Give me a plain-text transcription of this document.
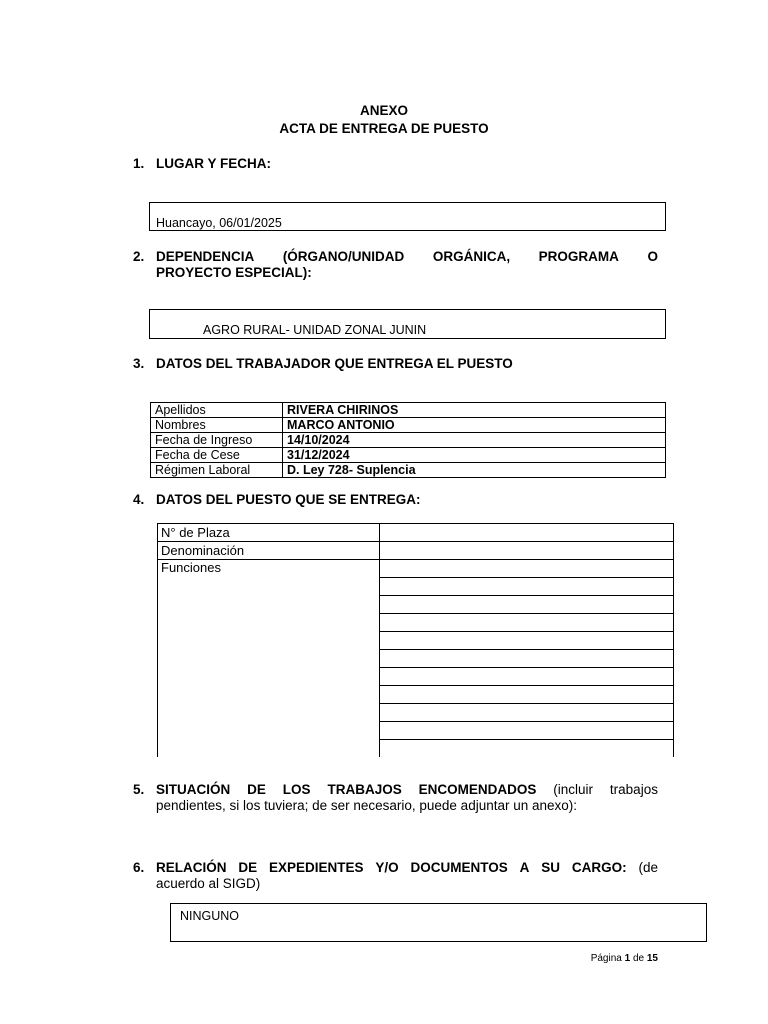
ANEXO
ACTA DE ENTREGA DE PUESTO
1. LUGAR Y FECHA:
Huancayo, 06/01/2025
2. DEPENDENCIA (ÓRGANO/UNIDAD ORGÁNICA, PROGRAMA O
PROYECTO ESPECIAL):
AGRO RURAL- UNIDAD ZONAL JUNIN
3. DATOS DEL TRABAJADOR QUE ENTREGA EL PUESTO
Apellidos	RIVERA CHIRINOS
Nombres	MARCO ANTONIO
Fecha de Ingreso	14/10/2024
Fecha de Cese	31/12/2024
Régimen Laboral	D. Ley 728- Suplencia
4. DATOS DEL PUESTO QUE SE ENTREGA:
N° de Plaza	
Denominación	
Funciones	

5. SITUACIÓN DE LOS TRABAJOS ENCOMENDADOS (incluir trabajos
pendientes, si los tuviera; de ser necesario, puede adjuntar un anexo):
6. RELACIÓN DE EXPEDIENTES Y/O DOCUMENTOS A SU CARGO: (de
acuerdo al SIGD)
NINGUNO
Página 1 de 15
